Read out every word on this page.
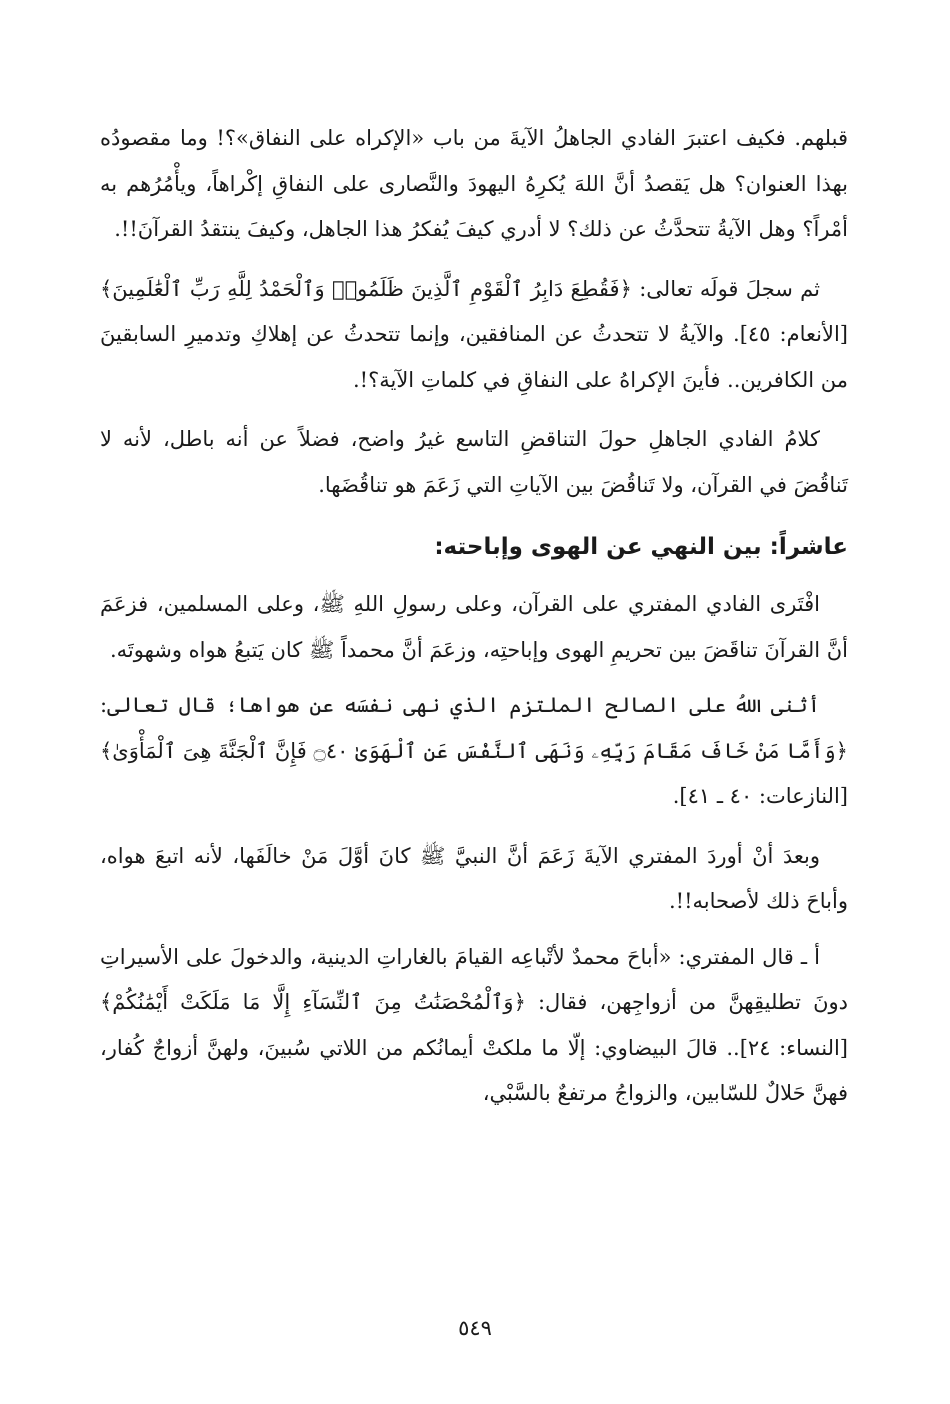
قبلهم. فكيف اعتبرَ الفادي الجاهلُ الآيةَ من باب «الإكراه على النفاق»؟! وما مقصودُه بهذا العنوان؟ هل يَقصدُ أنَّ اللهَ يُكرِهُ اليهودَ والنَّصارى على النفاقِ إكْراهاً، ويأْمُرُهم به أمْراً؟ وهل الآيةُ تتحدَّثُ عن ذلك؟ لا أدري كيفَ يُفكرُ هذا الجاهل، وكيفَ ينتقدُ القرآنَ!!.

ثم سجلَ قولَه تعالى: ﴿فَقُطِعَ دَابِرُ ٱلْقَوْمِ ٱلَّذِينَ ظَلَمُوا۟ وَٱلْحَمْدُ لِلَّهِ رَبِّ ٱلْعَٰلَمِينَ﴾ [الأنعام: ٤٥]. والآيةُ لا تتحدثُ عن المنافقين، وإنما تتحدثُ عن إهلاكِ وتدميرِ السابقينَ من الكافرين.. فأينَ الإكراهُ على النفاقِ في كلماتِ الآية؟!.

كلامُ الفادي الجاهلِ حولَ التناقضِ التاسع غيرُ واضح، فضلاً عن أنه باطل، لأنه لا تَناقُضَ في القرآن، ولا تَناقُضَ بين الآياتِ التي زَعَمَ هو تناقُضَها.

عاشراً: بين النهي عن الهوى وإباحته:

افْتَرى الفادي المفتري على القرآن، وعلى رسولِ اللهِ ﷺ، وعلى المسلمين، فزعَمَ أنَّ القرآنَ تناقَضَ بين تحريمِ الهوى وإباحتِه، وزعَمَ أنَّ محمداً ﷺ كان يَتبعُ هواه وشهوتَه.

أثنى اللهُ على الصالح الملتزم الذي نهى نفسَه عن هواها؛ قال تعالى: ﴿وَأَمَّا مَنْ خَافَ مَقَامَ رَبِّهِۦ وَنَهَى ٱلنَّفْسَ عَنِ ٱلْهَوَىٰ ۝٤٠ فَإِنَّ ٱلْجَنَّةَ هِىَ ٱلْمَأْوَىٰ﴾ [النازعات: ٤٠ ـ ٤١].

وبعدَ أنْ أوردَ المفتري الآيةَ زَعَمَ أنَّ النبيَّ ﷺ كانَ أوَّلَ مَنْ خالَفَها، لأنه اتبعَ هواه، وأباحَ ذلك لأصحابه!!.

أ ـ قال المفتري: «أباحَ محمدٌ لأتْباعِه القيامَ بالغاراتِ الدينية، والدخولَ على الأسيراتِ دونَ تطليقِهنَّ من أزواجِهن، فقال: ﴿وَٱلْمُحْصَنَٰتُ مِنَ ٱلنِّسَآءِ إِلَّا مَا مَلَكَتْ أَيْمَٰنُكُمْ﴾ [النساء: ٢٤].. قالَ البيضاوي: إلّا ما ملكتْ أيمانُكم من اللاتي سُبينَ، ولهنَّ أزواجٌ كُفار، فهنَّ حَلالٌ للسّابين، والزواجُ مرتفعٌ بالسَّبْي،

٥٤٩
